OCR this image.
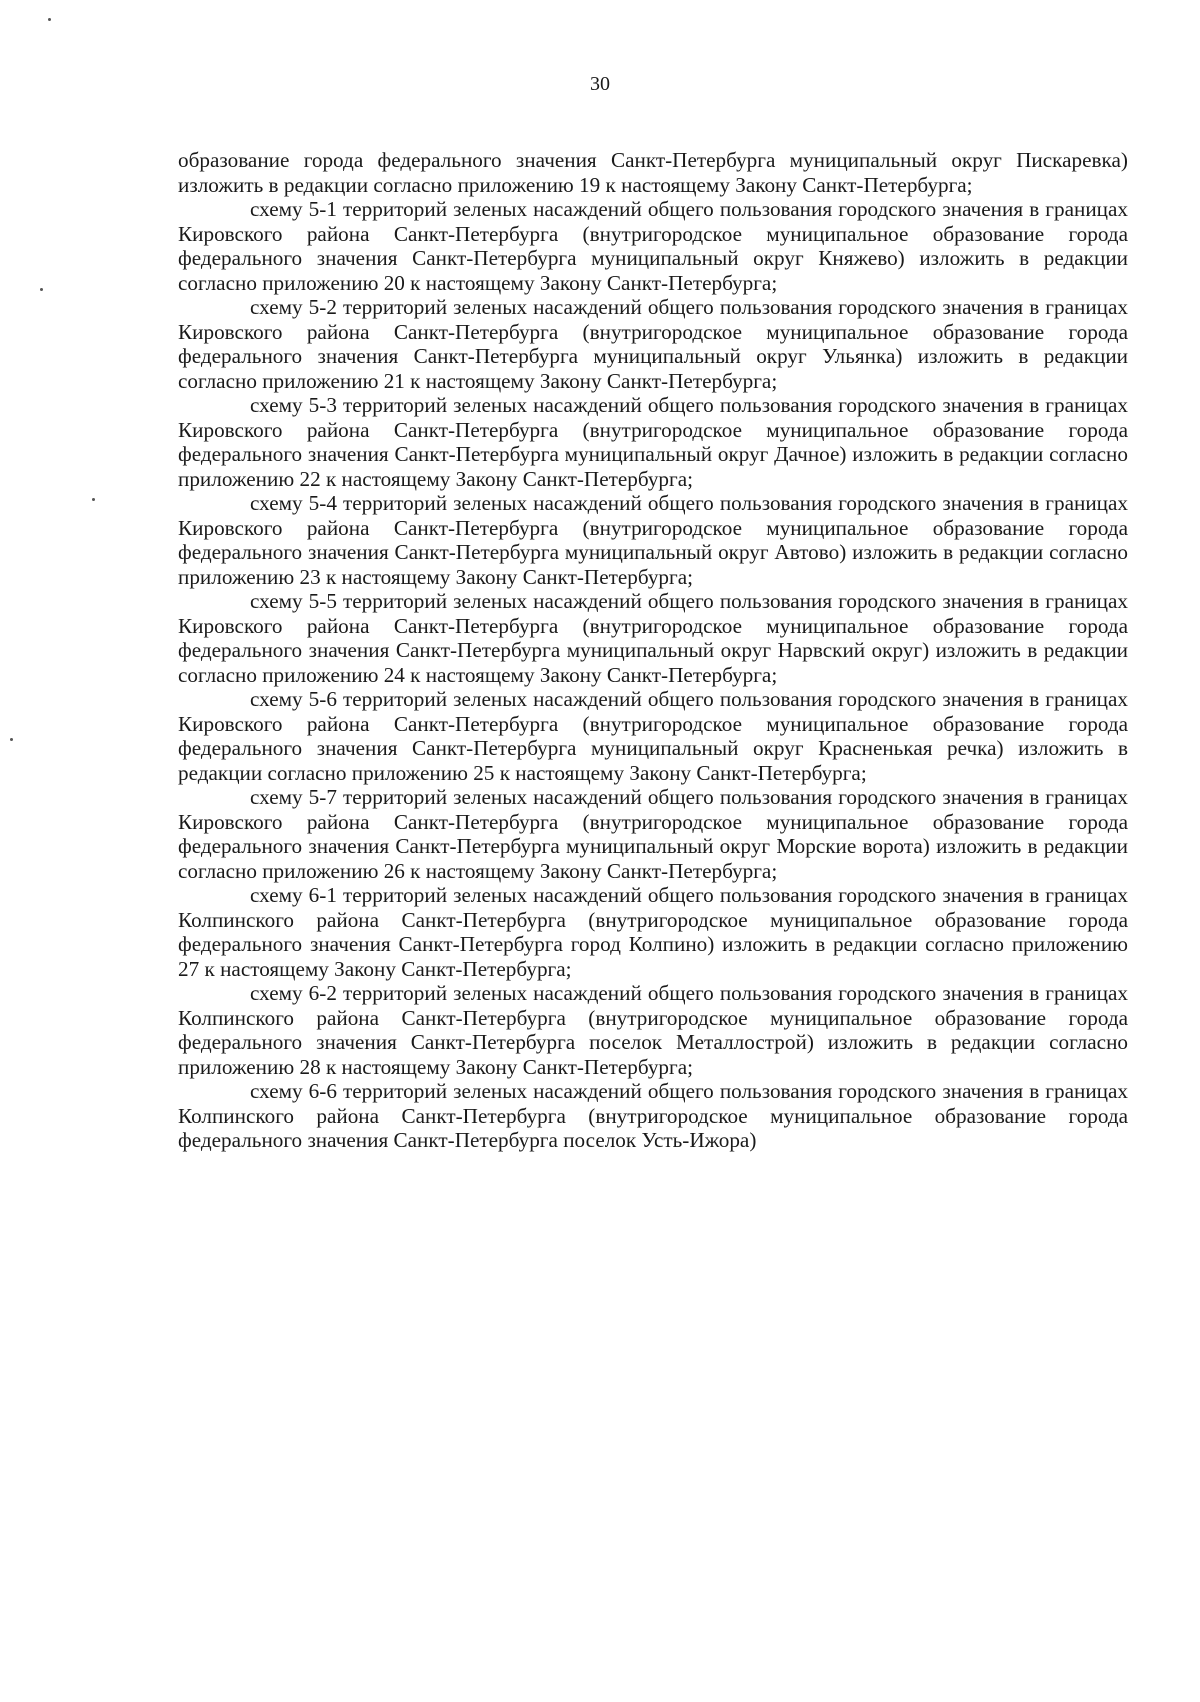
30

образование города федерального значения Санкт-Петербурга муниципальный округ Пискаревка) изложить в редакции согласно приложению 19 к настоящему Закону Санкт-Петербурга;

схему 5-1 территорий зеленых насаждений общего пользования городского значения в границах Кировского района Санкт-Петербурга (внутригородское муниципальное образование города федерального значения Санкт-Петербурга муниципальный округ Княжево) изложить в редакции согласно приложению 20 к настоящему Закону Санкт-Петербурга;

схему 5-2 территорий зеленых насаждений общего пользования городского значения в границах Кировского района Санкт-Петербурга (внутригородское муниципальное образование города федерального значения Санкт-Петербурга муниципальный округ Ульянка) изложить в редакции согласно приложению 21 к настоящему Закону Санкт-Петербурга;

схему 5-3 территорий зеленых насаждений общего пользования городского значения в границах Кировского района Санкт-Петербурга (внутригородское муниципальное образование города федерального значения Санкт-Петербурга муниципальный округ Дачное) изложить в редакции согласно приложению 22 к настоящему Закону Санкт-Петербурга;

схему 5-4 территорий зеленых насаждений общего пользования городского значения в границах Кировского района Санкт-Петербурга (внутригородское муниципальное образование города федерального значения Санкт-Петербурга муниципальный округ Автово) изложить в редакции согласно приложению 23 к настоящему Закону Санкт-Петербурга;

схему 5-5 территорий зеленых насаждений общего пользования городского значения в границах Кировского района Санкт-Петербурга (внутригородское муниципальное образование города федерального значения Санкт-Петербурга муниципальный округ Нарвский округ) изложить в редакции согласно приложению 24 к настоящему Закону Санкт-Петербурга;

схему 5-6 территорий зеленых насаждений общего пользования городского значения в границах Кировского района Санкт-Петербурга (внутригородское муниципальное образование города федерального значения Санкт-Петербурга муниципальный округ Красненькая речка) изложить в редакции согласно приложению 25 к настоящему Закону Санкт-Петербурга;

схему 5-7 территорий зеленых насаждений общего пользования городского значения в границах Кировского района Санкт-Петербурга (внутригородское муниципальное образование города федерального значения Санкт-Петербурга муниципальный округ Морские ворота) изложить в редакции согласно приложению 26 к настоящему Закону Санкт-Петербурга;

схему 6-1 территорий зеленых насаждений общего пользования городского значения в границах Колпинского района Санкт-Петербурга (внутригородское муниципальное образование города федерального значения Санкт-Петербурга город Колпино) изложить в редакции согласно приложению 27 к настоящему Закону Санкт-Петербурга;

схему 6-2 территорий зеленых насаждений общего пользования городского значения в границах Колпинского района Санкт-Петербурга (внутригородское муниципальное образование города федерального значения Санкт-Петербурга поселок Металлострой) изложить в редакции согласно приложению 28 к настоящему Закону Санкт-Петербурга;

схему 6-6 территорий зеленых насаждений общего пользования городского значения в границах Колпинского района Санкт-Петербурга (внутригородское муниципальное образование города федерального значения Санкт-Петербурга поселок Усть-Ижора)
